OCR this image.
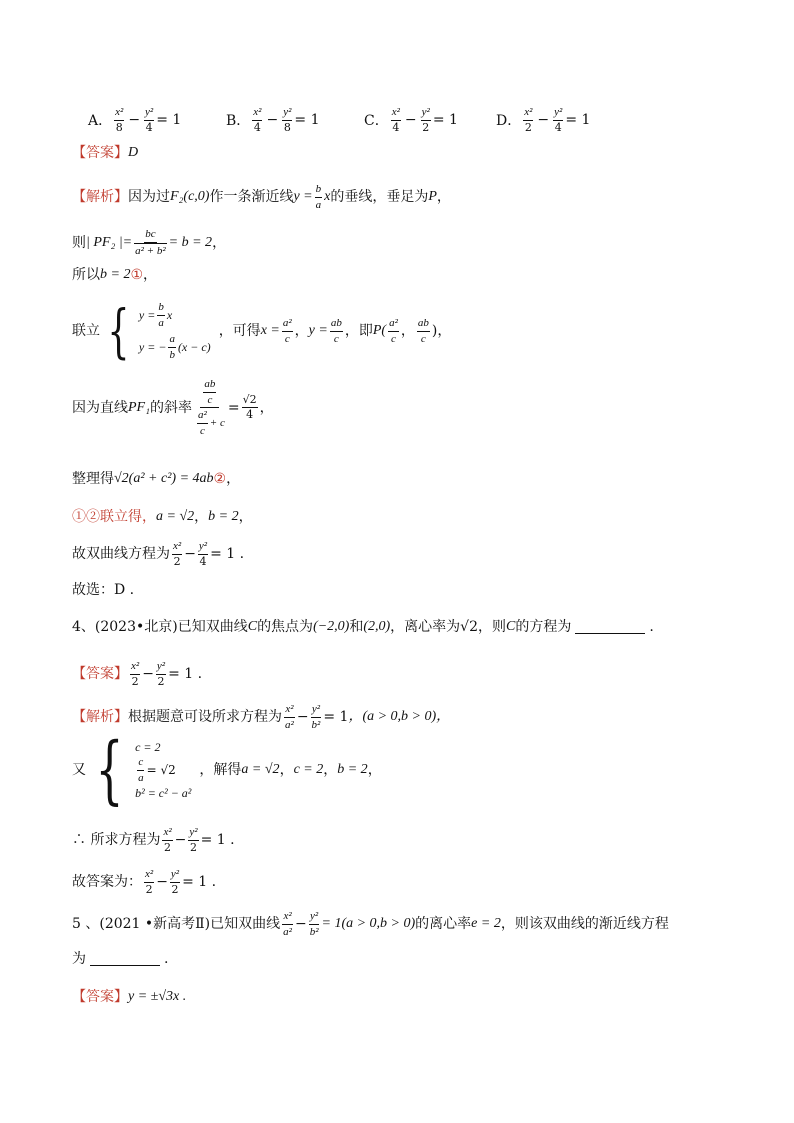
A． $\frac{\text{x²}}{8} - \frac{\text{y²}}{4} = 1$	B． $\frac{\text{x²}}{4} - \frac{\text{y²}}{8} = 1$	C． $\frac{\text{x²}}{4} - \frac{\text{y²}}{2} = 1$	D． $\frac{\text{x²}}{2} - \frac{\text{y²}}{4} = 1$
【答案】 D
【解析】 因为过 F₂(c,0) 作一条渐近线 $y = \frac{b}{a}$ x 的垂线，垂足为 P ，
则 | PF₂ |= $\frac{bc}{\text{a² + b²}} = b = 2$ ，
所以 b = 2 ① ，
联立 { $y = \frac{b}{a}$ x
y = − $\frac{a}{b} (x - c)$
，可得 $x = \frac{\text{a²}}{c}$ ， $y = \frac{ab}{c}$ ，即 $P( \frac{\text{a²}}{c}$ ， $\frac{ab}{c}$ )，
因为直线 PF₁ 的斜率 $\frac{\frac{ab}{c}}{\frac{\text{a²}}{c} + c} = \frac{√2}{4}$ ，
整理得 √2(a² + c²) = 4ab ② ，
①②联立得， a = √2 ， b = 2 ，
故双曲线方程为 $\frac{\text{x²}}{2} - \frac{\text{y²}}{4} = 1$ .
故选：D .
4、(2023•北京)已知双曲线 C 的焦点为 (−2,0) 和 (2,0) ，离心率为 √2 ，则 C 的方程为	.
【答案】 $\frac{\text{x²}}{2} - \frac{\text{y²}}{2} = 1$ .
【解析】 根据题意可设所求方程为 $\frac{\text{x²}}{\text{a²}} - \frac{\text{y²}}{\text{b²}} = 1$ ，(a > 0,b > 0)，
又 { c = 2
$\frac{c}{a} = √2$
b² = c² − a²
，解得 a = √2 ， c = 2 ， b = 2 ，
∴ 所求方程为 $\frac{\text{x²}}{2} - \frac{\text{y²}}{2} = 1$ .
故答案为： $\frac{\text{x²}}{2} - \frac{\text{y²}}{2} = 1$ .
5 、(2021 •新高考Ⅱ)已知双曲线 $\frac{\text{x²}}{\text{a²}} - \frac{\text{y²}}{\text{b²}} = 1(a > 0,b > 0)$ 的离心率 e = 2 ，则该双曲线的渐近线方程
为	.
【答案】 y = ±√3x .
